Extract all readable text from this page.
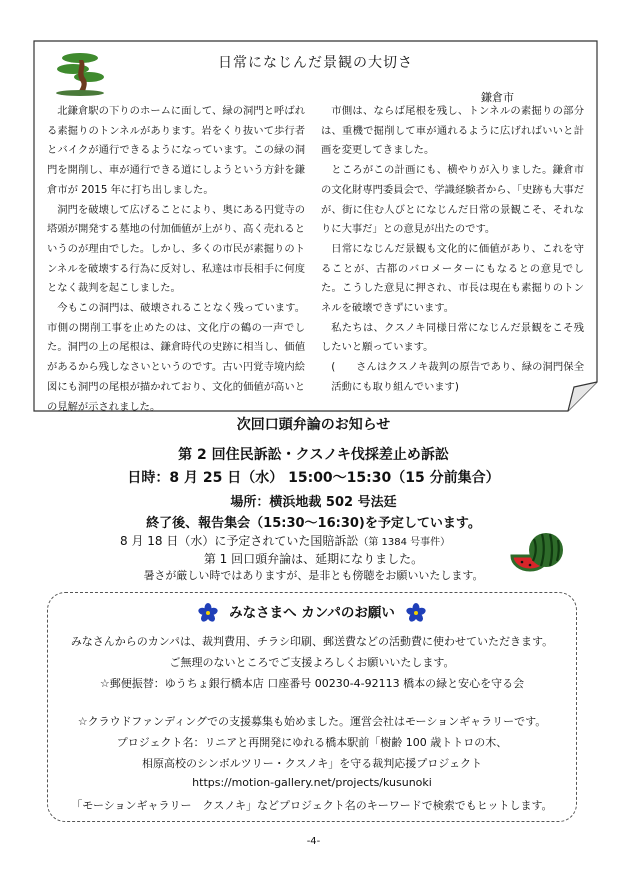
日常になじんだ景観の大切さ
鎌倉市

北鎌倉駅の下りのホームに面して、緑の洞門と呼ばれる素掘りのトンネルがあります。岩をくり抜いて歩行者とバイクが通行できるようになっています。この緑の洞門を開削し、車が通行できる道にしようという方針を鎌倉市が 2015 年に打ち出しました。

洞門を破壊して広げることにより、奥にある円覚寺の塔頭が開発する墓地の付加価値が上がり、高く売れるというのが理由でした。しかし、多くの市民が素掘りのトンネルを破壊する行為に反対し、私達は市長相手に何度となく裁判を起こしました。

今もこの洞門は、破壊されることなく残っています。市側の開削工事を止めたのは、文化庁の鶴の一声でした。洞門の上の尾根は、鎌倉時代の史跡に相当し、価値があるから残しなさいというのです。古い円覚寺境内絵図にも洞門の尾根が描かれており、文化的価値が高いとの見解が示されました。

市側は、ならば尾根を残し、トンネルの素掘りの部分は、重機で掘削して車が通れるように広げればいいと計画を変更してきました。

ところがこの計画にも、横やりが入りました。鎌倉市の文化財専門委員会で、学識経験者から、「史跡も大事だが、街に住む人びとになじんだ日常の景観こそ、それなりに大事だ」との意見が出たのです。

日常になじんだ景観も文化的に価値があり、これを守ることが、古都のバロメーターにもなるとの意見でした。こうした意見に押され、市長は現在も素掘りのトンネルを破壊できずにいます。

私たちは、クスノキ同様日常になじんだ景観をこそ残したいと願っています。

(　　さんはクスノキ裁判の原告であり、緑の洞門保全活動にも取り組んでいます)

次回口頭弁論のお知らせ
第 2 回住民訴訟・クスノキ伐採差止め訴訟
日時：8 月 25 日（水） 15:00～15:30（15 分前集合）
場所：横浜地裁 502 号法廷
終了後、報告集会（15:30～16:30)を予定しています。
8 月 18 日（水）に予定されていた国賠訴訟（第 1384 号事件）
第 1 回口頭弁論は、延期になりました。
暑さが厳しい時ではありますが、是非とも傍聴をお願いいたします。
みなさまへ カンパのお願い
みなさんからのカンパは、裁判費用、チラシ印刷、郵送費などの活動費に使わせていただきます。
ご無理のないところでご支援よろしくお願いいたします。
☆郵便振替：ゆうちょ銀行橋本店 口座番号 00230-4-92113 橋本の緑と安心を守る会
☆クラウドファンディングでの支援募集も始めました。運営会社はモーションギャラリーです。
プロジェクト名：リニアと再開発にゆれる橋本駅前「樹齢 100 歳トトロの木、
相原高校のシンボルツリー・クスノキ」を守る裁判応援プロジェクト
https://motion-gallery.net/projects/kusunoki
「モーションギャラリー　クスノキ」などプロジェクト名のキーワードで検索でもヒットします。
-4-
